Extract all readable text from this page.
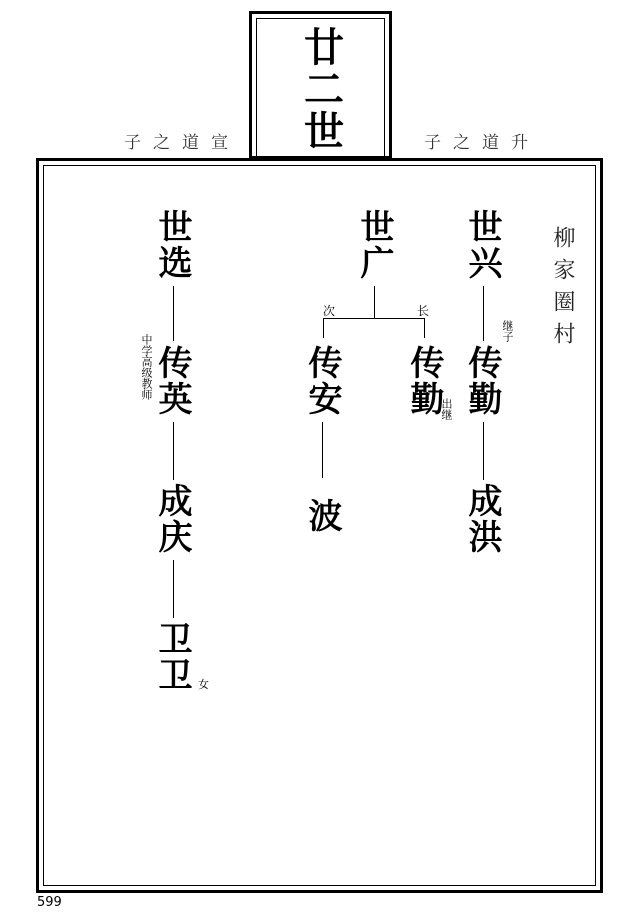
廿二世
子之道宣	子之道升
柳家圈村
世选
中学高级教师 传英
成庆
卫卫 女
世广
次	长
传安
波
传勤
出继
世兴
继子
传勤
成洪
599
